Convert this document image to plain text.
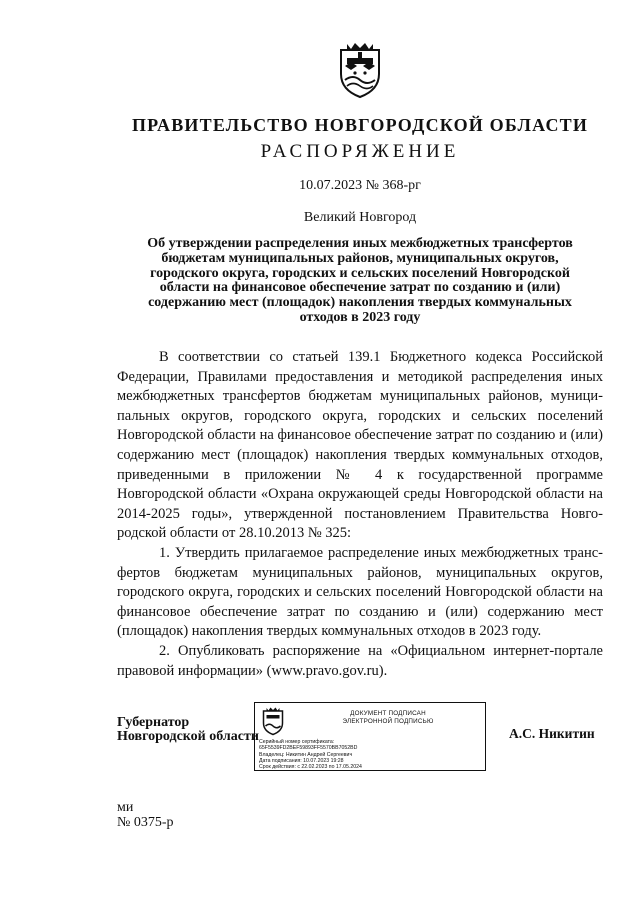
ПРАВИТЕЛЬСТВО НОВГОРОДСКОЙ ОБЛАСТИ
РАСПОРЯЖЕНИЕ
10.07.2023 № 368-рг
Великий Новгород
Об утверждении распределения иных межбюджетных трансфертов
бюджетам муниципальных районов, муниципальных округов,
городского округа, городских и сельских поселений Новгородской
области на финансовое обеспечение затрат по созданию и (или)
содержанию мест (площадок) накопления твердых коммунальных
отходов в 2023 году

В соответствии со статьей 139.1 Бюджетного кодекса Российской Федерации, Правилами предоставления и методикой распределения иных межбюджетных трансфертов бюджетам муниципальных районов, муниципальных округов, городского округа, городских и сельских поселений Новгородской области на финансовое обеспечение затрат по созданию и (или) содержанию мест (площадок) накопления твердых коммунальных отходов, приведенными в приложении № 4 к государственной программе Новгородской области «Охрана окружающей среды Новгородской области на 2014-2025 годы», утвержденной постановлением Правительства Новгородской области от 28.10.2013 № 325:

1. Утвердить прилагаемое распределение иных межбюджетных трансфертов бюджетам муниципальных районов, муниципальных округов, городского округа, городских и сельских поселений Новгородской области на финансовое обеспечение затрат по созданию и (или) содержанию мест (площадок) накопления твердых коммунальных отходов в 2023 году.

2. Опубликовать распоряжение на «Официальном интернет-портале правовой информации» (www.pravo.gov.ru).

Губернатор
Новгородской области
ДОКУМЕНТ ПОДПИСАН
ЭЛЕКТРОННОЙ ПОДПИСЬЮ
Серийный номер сертификата:
65F5539FD2BEF59893FF5570BB7052BD
Владелец: Никитин Андрей Сергеевич
Дата подписания: 10.07.2023 19:28
Срок действия: с 22.02.2023 по 17.05.2024
А.С. Никитин
ми
№ 0375-р
